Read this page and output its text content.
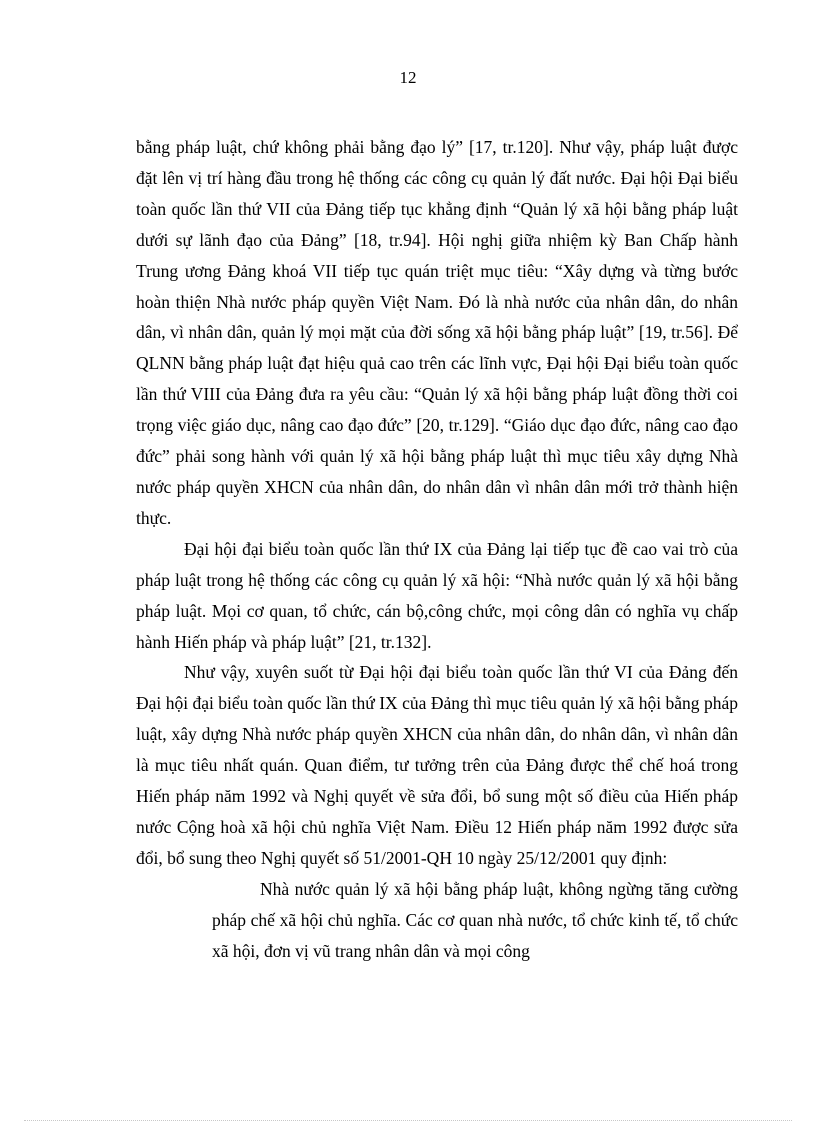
12

bằng pháp luật, chứ không phải bằng đạo lý” [17, tr.120]. Như vậy, pháp luật được đặt lên vị trí hàng đầu trong hệ thống các công cụ quản lý đất nước. Đại hội Đại biểu toàn quốc lần thứ VII của Đảng tiếp tục khẳng định “Quản lý xã hội bằng pháp luật dưới sự lãnh đạo của Đảng” [18, tr.94]. Hội nghị giữa nhiệm kỳ Ban Chấp hành Trung ương Đảng khoá VII tiếp tục quán triệt mục tiêu: “Xây dựng và từng bước hoàn thiện Nhà nước pháp quyền Việt Nam. Đó là nhà nước của nhân dân, do nhân dân, vì nhân dân, quản lý mọi mặt của đời sống xã hội bằng pháp luật” [19, tr.56]. Để QLNN bằng pháp luật đạt hiệu quả cao trên các lĩnh vực, Đại hội Đại biểu toàn quốc lần thứ VIII của Đảng đưa ra yêu cầu: “Quản lý xã hội bằng pháp luật đồng thời coi trọng việc giáo dục, nâng cao đạo đức” [20, tr.129]. “Giáo dục đạo đức, nâng cao đạo đức” phải song hành với quản lý xã hội bằng pháp luật thì mục tiêu xây dựng Nhà nước pháp quyền XHCN của nhân dân, do nhân dân vì nhân dân mới trở thành hiện thực.

Đại hội đại biểu toàn quốc lần thứ IX của Đảng lại tiếp tục đề cao vai trò của pháp luật trong hệ thống các công cụ quản lý xã hội: “Nhà nước quản lý xã hội bằng pháp luật. Mọi cơ quan, tổ chức, cán bộ,công chức, mọi công dân có nghĩa vụ chấp hành Hiến pháp và pháp luật” [21, tr.132].

Như vậy, xuyên suốt từ Đại hội đại biểu toàn quốc lần thứ VI của Đảng đến Đại hội đại biểu toàn quốc lần thứ IX của Đảng thì mục tiêu quản lý xã hội bằng pháp luật, xây dựng Nhà nước pháp quyền XHCN của nhân dân, do nhân dân, vì nhân dân là mục tiêu nhất quán. Quan điểm, tư tưởng trên của Đảng được thể chế hoá trong Hiến pháp năm 1992 và Nghị quyết về sửa đổi, bổ sung một số điều của Hiến pháp nước Cộng hoà xã hội chủ nghĩa Việt Nam. Điều 12 Hiến pháp năm 1992 được sửa đổi, bổ sung theo Nghị quyết số 51/2001-QH 10 ngày 25/12/2001 quy định:

Nhà nước quản lý xã hội bằng pháp luật, không ngừng tăng cường pháp chế xã hội chủ nghĩa. Các cơ quan nhà nước, tổ chức kinh tế, tổ chức xã hội, đơn vị vũ trang nhân dân và mọi công
